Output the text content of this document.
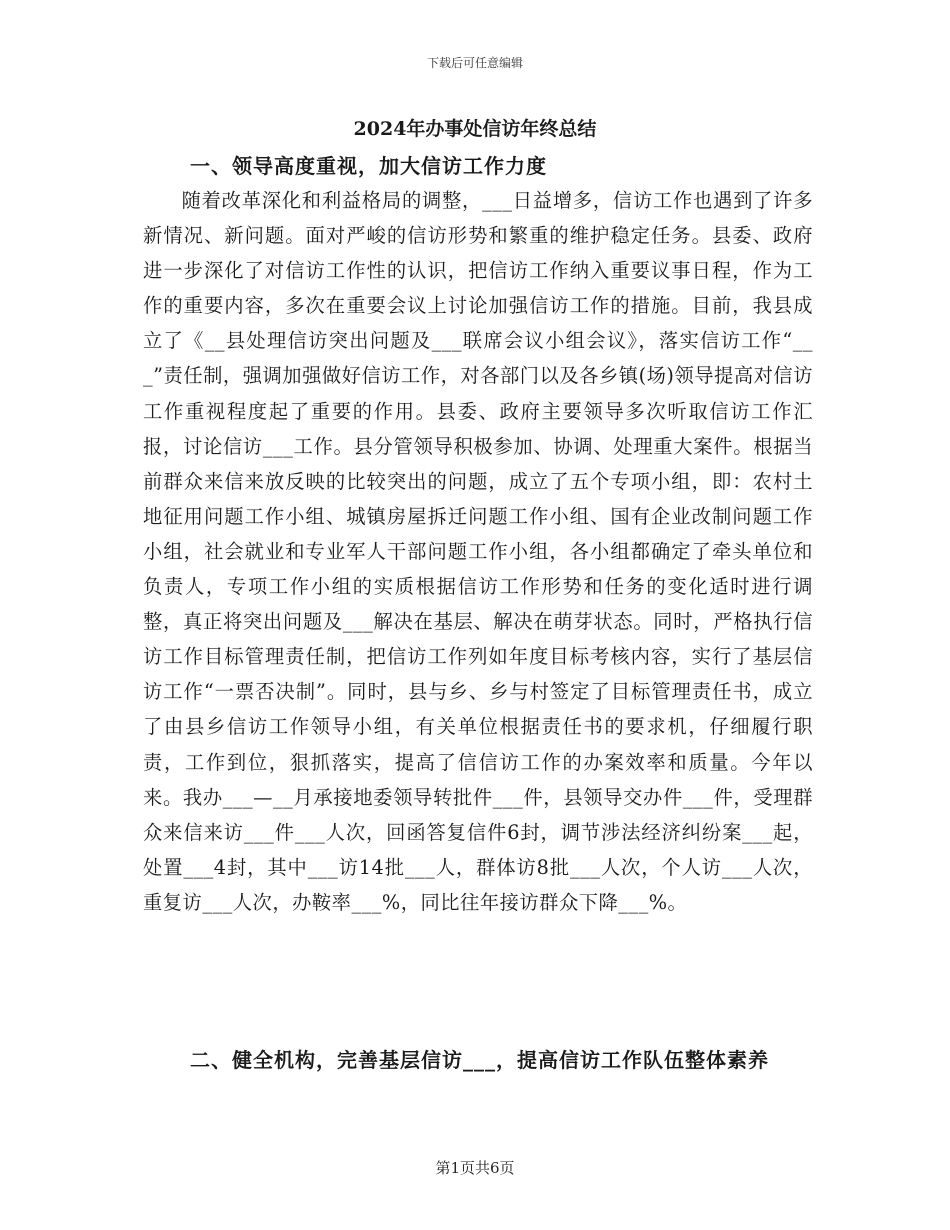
下载后可任意编辑
2024年办事处信访年终总结
一、领导高度重视，加大信访工作力度

随着改革深化和利益格局的调整，___日益增多，信访工作也遇到了许多新情况、新问题。面对严峻的信访形势和繁重的维护稳定任务。县委、政府进一步深化了对信访工作性的认识，把信访工作纳入重要议事日程，作为工作的重要内容，多次在重要会议上讨论加强信访工作的措施。目前，我县成立了《__县处理信访突出问题及___联席会议小组会议》，落实信访工作“___”责任制，强调加强做好信访工作，对各部门以及各乡镇(场)领导提高对信访工作重视程度起了重要的作用。县委、政府主要领导多次听取信访工作汇报，讨论信访___工作。县分管领导积极参加、协调、处理重大案件。根据当前群众来信来放反映的比较突出的问题，成立了五个专项小组，即：农村土地征用问题工作小组、城镇房屋拆迁问题工作小组、国有企业改制问题工作小组，社会就业和专业军人干部问题工作小组，各小组都确定了牵头单位和负责人，专项工作小组的实质根据信访工作形势和任务的变化适时进行调整，真正将突出问题及___解决在基层、解决在萌芽状态。同时，严格执行信访工作目标管理责任制，把信访工作列如年度目标考核内容，实行了基层信访工作“一票否决制”。同时，县与乡、乡与村签定了目标管理责任书，成立了由县乡信访工作领导小组，有关单位根据责任书的要求机，仔细履行职责，工作到位，狠抓落实，提高了信信访工作的办案效率和质量。今年以来。我办___—__月承接地委领导转批件___件，县领导交办件___件，受理群众来信来访___件___人次，回函答复信件6封，调节涉法经济纠纷案___起，处置___4封，其中___访14批___人，群体访8批___人次，个人访___人次，重复访___人次，办鞍率___%，同比往年接访群众下降___%。

二、健全机构，完善基层信访___，提高信访工作队伍整体素养
第1页共6页
